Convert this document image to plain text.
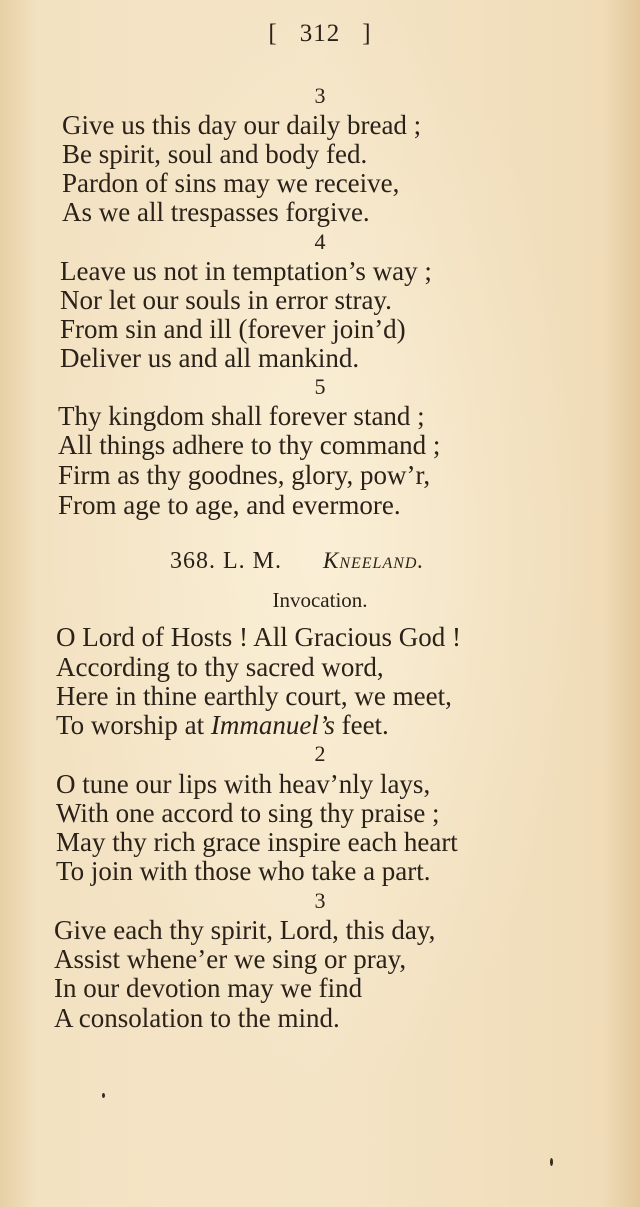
[ 312 ]
3
Give us this day our daily bread ;
Be spirit, soul and body fed.
Pardon of sins may we receive,
As we all trespasses forgive.
4
Leave us not in temptation’s way ;
Nor let our souls in error stray.
From sin and ill (forever join’d)
Deliver us and all mankind.
5
Thy kingdom shall forever stand ;
All things adhere to thy command ;
Firm as thy goodnes, glory, pow’r,
From age to age, and evermore.
368. L. M. Kneeland.
Invocation.
O Lord of Hosts ! All Gracious God !
According to thy sacred word,
Here in thine earthly court, we meet,
To worship at Immanuel’s feet.
2
O tune our lips with heav’nly lays,
With one accord to sing thy praise ;
May thy rich grace inspire each heart
To join with those who take a part.
3
Give each thy spirit, Lord, this day,
Assist whene’er we sing or pray,
In our devotion may we find
A consolation to the mind.
